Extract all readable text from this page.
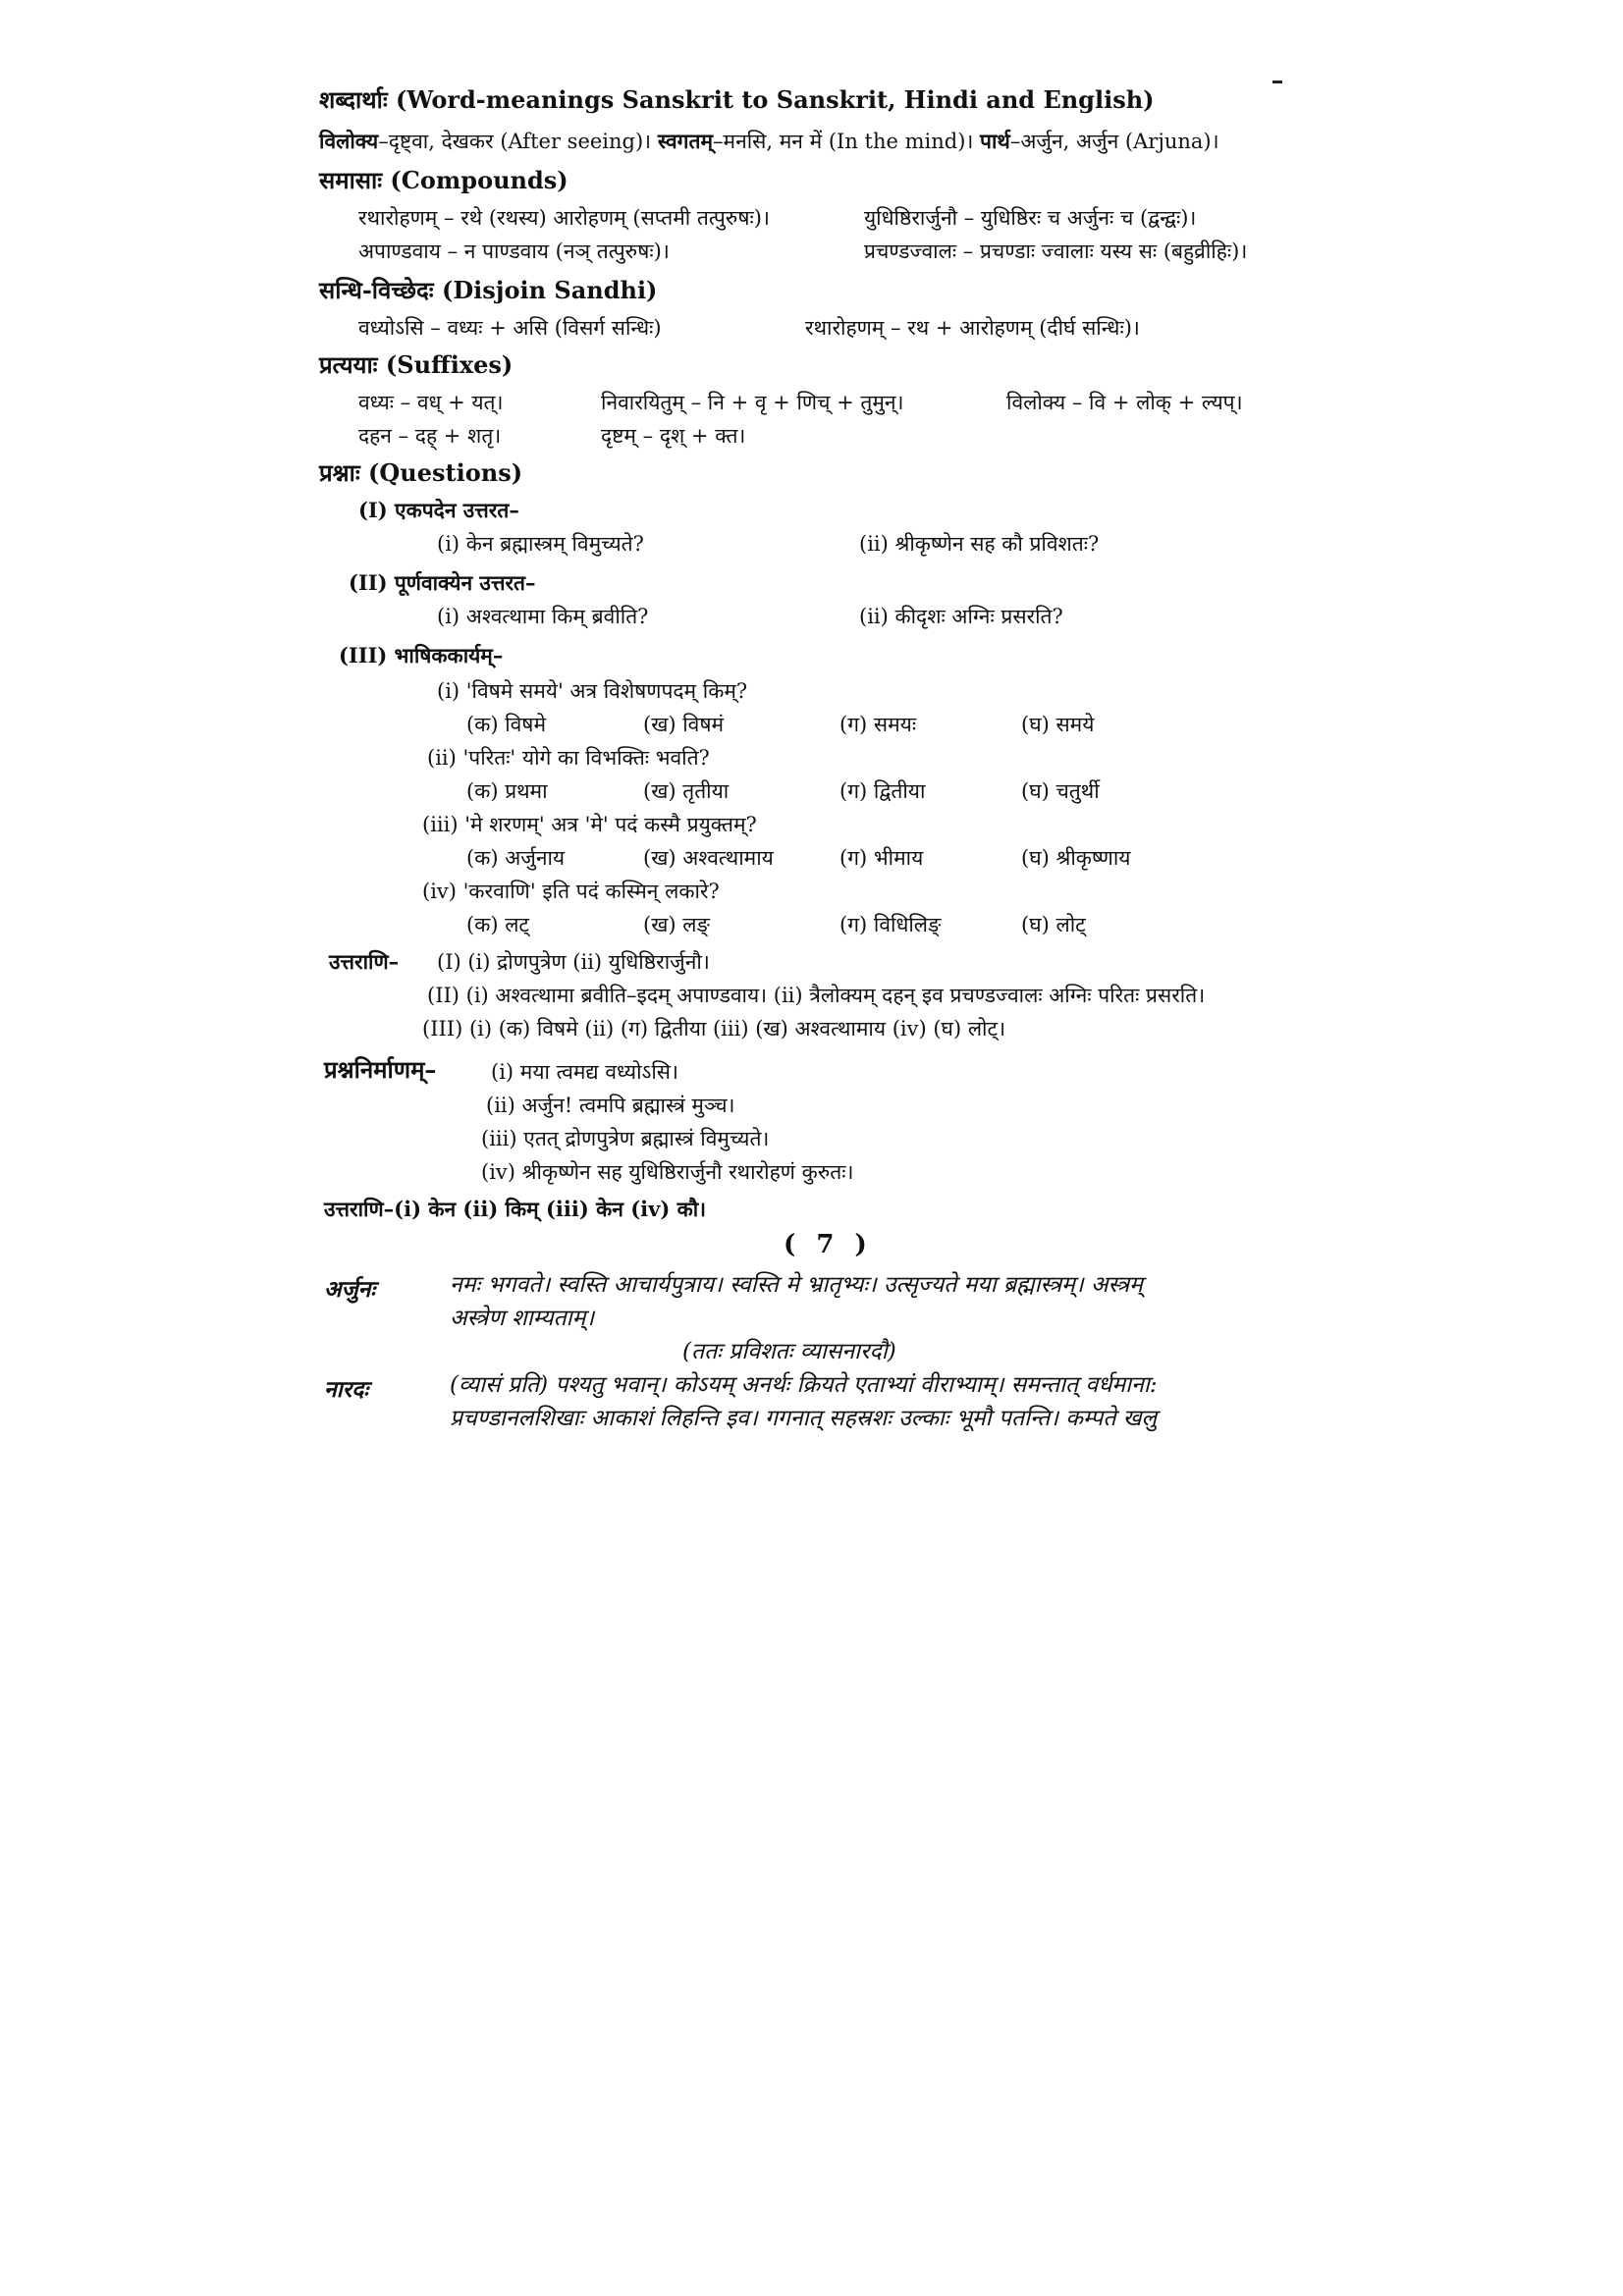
शब्दार्थाः (Word-meanings Sanskrit to Sanskrit, Hindi and English)
विलोक्य–दृष्ट्वा, देखकर (After seeing)। स्वगतम्–मनसि, मन में (In the mind)। पार्थ–अर्जुन, अर्जुन (Arjuna)।
समासाः (Compounds)
रथारोहणम् – रथे (रथस्य) आरोहणम् (सप्तमी तत्पुरुषः)।	युधिष्ठिरार्जुनौ – युधिष्ठिरः च अर्जुनः च (द्वन्द्वः)।
अपाण्डवाय – न पाण्डवाय (नञ् तत्पुरुषः)।	प्रचण्डज्वालः – प्रचण्डाः ज्वालाः यस्य सः (बहुव्रीहिः)।
सन्धि-विच्छेदः (Disjoin Sandhi)
वध्योऽसि – वध्यः + असि (विसर्ग सन्धिः)	रथारोहणम् – रथ + आरोहणम् (दीर्घ सन्धिः)।
प्रत्ययाः (Suffixes)
वध्यः – वध् + यत्।	निवारयितुम् – नि + वृ + णिच् + तुमुन्।	विलोक्य – वि + लोक् + ल्यप्।
दहन – दह् + शतृ।	दृष्टम् – दृश् + क्त।
प्रश्नाः (Questions)
(I) एकपदेन उत्तरत–
(i) केन ब्रह्मास्त्रम् विमुच्यते?	(ii) श्रीकृष्णेन सह कौ प्रविशतः?
(II) पूर्णवाक्येन उत्तरत–
(i) अश्वत्थामा किम् ब्रवीति?	(ii) कीदृशः अग्निः प्रसरति?
(III) भाषिककार्यम्–
(i) 'विषमे समये' अत्र विशेषणपदम् किम्?
(क) विषमे	(ख) विषमं	(ग) समयः	(घ) समये
(ii) 'परितः' योगे का विभक्तिः भवति?
(क) प्रथमा	(ख) तृतीया	(ग) द्वितीया	(घ) चतुर्थी
(iii) 'मे शरणम्' अत्र 'मे' पदं कस्मै प्रयुक्तम्?
(क) अर्जुनाय	(ख) अश्वत्थामाय	(ग) भीमाय	(घ) श्रीकृष्णाय
(iv) 'करवाणि' इति पदं कस्मिन् लकारे?
(क) लट्	(ख) लङ्	(ग) विधिलिङ्	(घ) लोट्
उत्तराणि– (I) (i) द्रोणपुत्रेण (ii) युधिष्ठिरार्जुनौ।
(II) (i) अश्वत्थामा ब्रवीति–इदम् अपाण्डवाय। (ii) त्रैलोक्यम् दहन् इव प्रचण्डज्वालः अग्निः परितः प्रसरति।
(III) (i) (क) विषमे (ii) (ग) द्वितीया (iii) (ख) अश्वत्थामाय (iv) (घ) लोट्।
प्रश्ननिर्माणम्–	(i) मया त्वमद्य वध्योऽसि।
(ii) अर्जुन! त्वमपि ब्रह्मास्त्रं मुञ्च।
(iii) एतत् द्रोणपुत्रेण ब्रह्मास्त्रं विमुच्यते।
(iv) श्रीकृष्णेन सह युधिष्ठिरार्जुनौ रथारोहणं कुरुतः।
उत्तराणि–(i) केन (ii) किम् (iii) केन (iv) कौ।
( 7 )
अर्जुनः	नमः भगवते। स्वस्ति आचार्यपुत्राय। स्वस्ति मे भ्रातृभ्यः। उत्सृज्यते मया ब्रह्मास्त्रम्। अस्त्रम्
अस्त्रेण शाम्यताम्।
(ततः प्रविशतः व्यासनारदौ)
नारदः	(व्यासं प्रति) पश्यतु भवान्। कोऽयम् अनर्थः क्रियते एताभ्यां वीराभ्याम्। समन्तात् वर्धमाना:
प्रचण्डानलशिखाः आकाशं लिहन्ति इव। गगनात् सहस्रशः उल्काः भूमौ पतन्ति। कम्पते खलु
